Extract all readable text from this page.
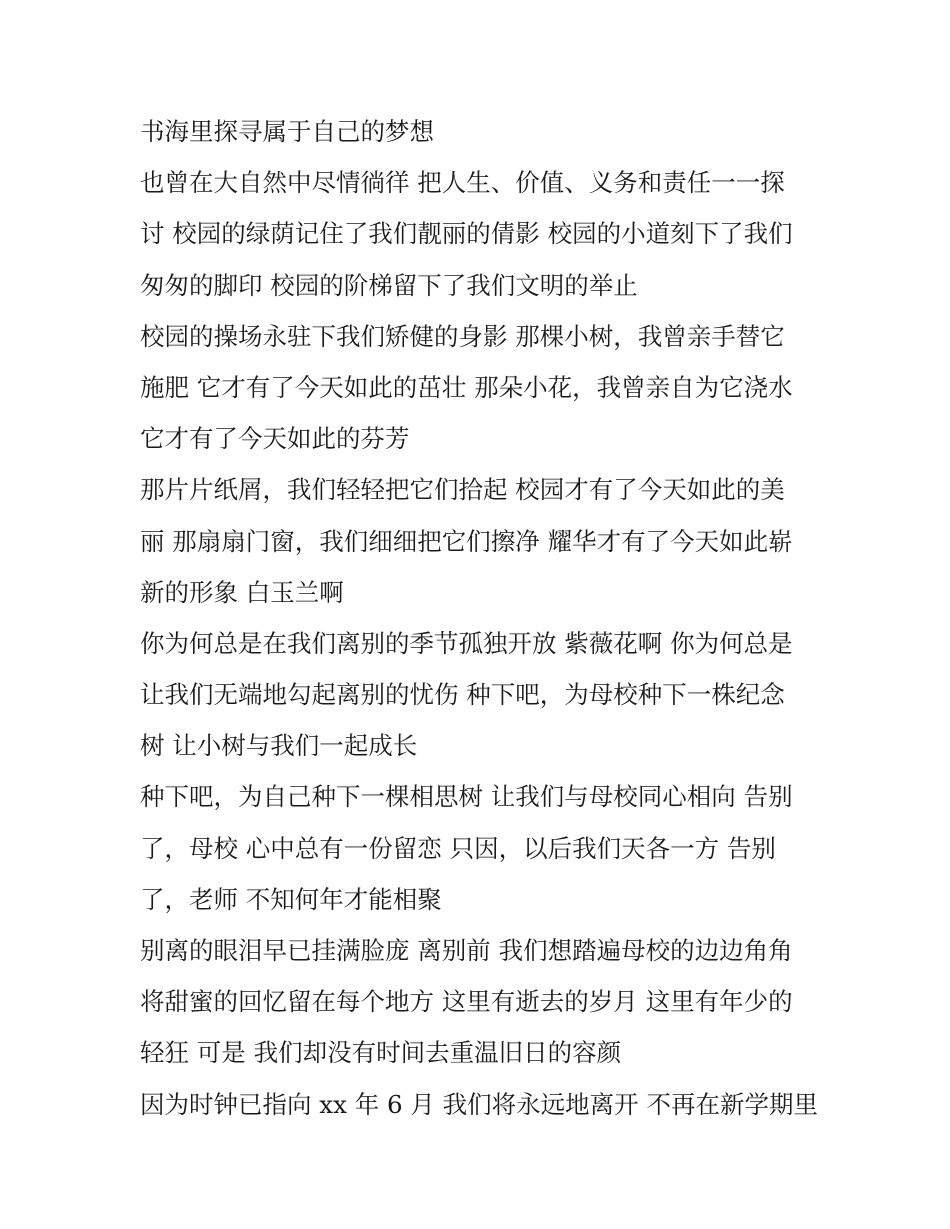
书海里探寻属于自己的梦想
也曾在大自然中尽情徜徉 把人生、价值、义务和责任一一探
讨 校园的绿荫记住了我们靓丽的倩影 校园的小道刻下了我们
匆匆的脚印 校园的阶梯留下了我们文明的举止
校园的操场永驻下我们矫健的身影 那棵小树，我曾亲手替它
施肥 它才有了今天如此的茁壮 那朵小花，我曾亲自为它浇水
它才有了今天如此的芬芳
那片片纸屑，我们轻轻把它们拾起 校园才有了今天如此的美
丽 那扇扇门窗，我们细细把它们擦净 耀华才有了今天如此崭
新的形象 白玉兰啊
你为何总是在我们离别的季节孤独开放 紫薇花啊 你为何总是
让我们无端地勾起离别的忧伤 种下吧，为母校种下一株纪念
树 让小树与我们一起成长
种下吧，为自己种下一棵相思树 让我们与母校同心相向 告别
了，母校 心中总有一份留恋 只因，以后我们天各一方 告别
了，老师 不知何年才能相聚
别离的眼泪早已挂满脸庞 离别前 我们想踏遍母校的边边角角
将甜蜜的回忆留在每个地方 这里有逝去的岁月 这里有年少的
轻狂 可是 我们却没有时间去重温旧日的容颜
因为时钟已指向 xx 年 6 月 我们将永远地离开 不再在新学期里
